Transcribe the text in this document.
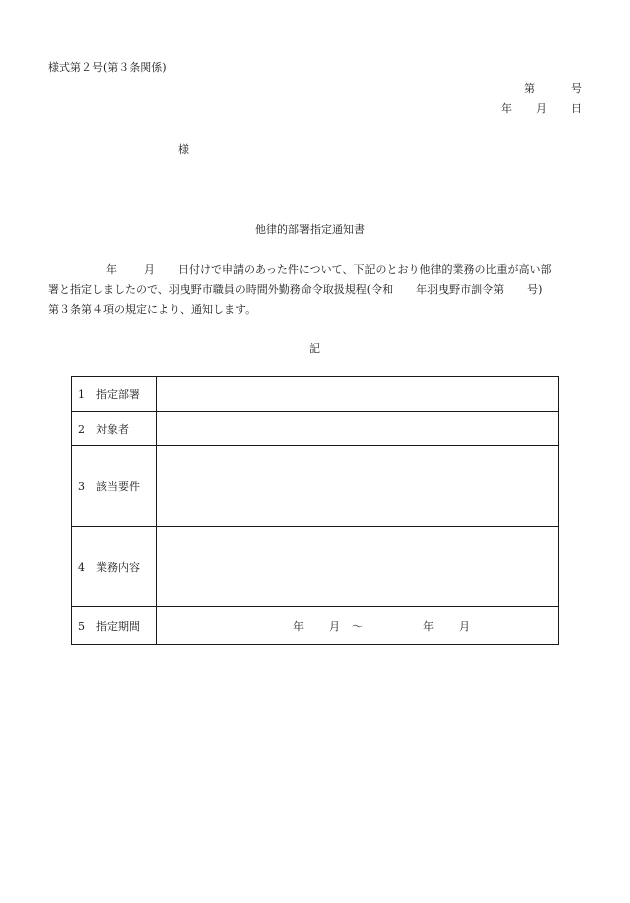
様式第２号(第３条関係)
第	号
年 月 日
様
他律的部署指定通知書
年 月 日付けで申請のあった件について、下記のとおり他律的業務の比重が高い部
署と指定しましたので、羽曳野市職員の時間外勤務命令取扱規程(令和 年羽曳野市訓令第 号)
第３条第４項の規定により、通知します。
記
1 指定部署	
2 対象者	
3 該当要件	
4 業務内容	
5 指定期間	年 月 ～ 年 月
